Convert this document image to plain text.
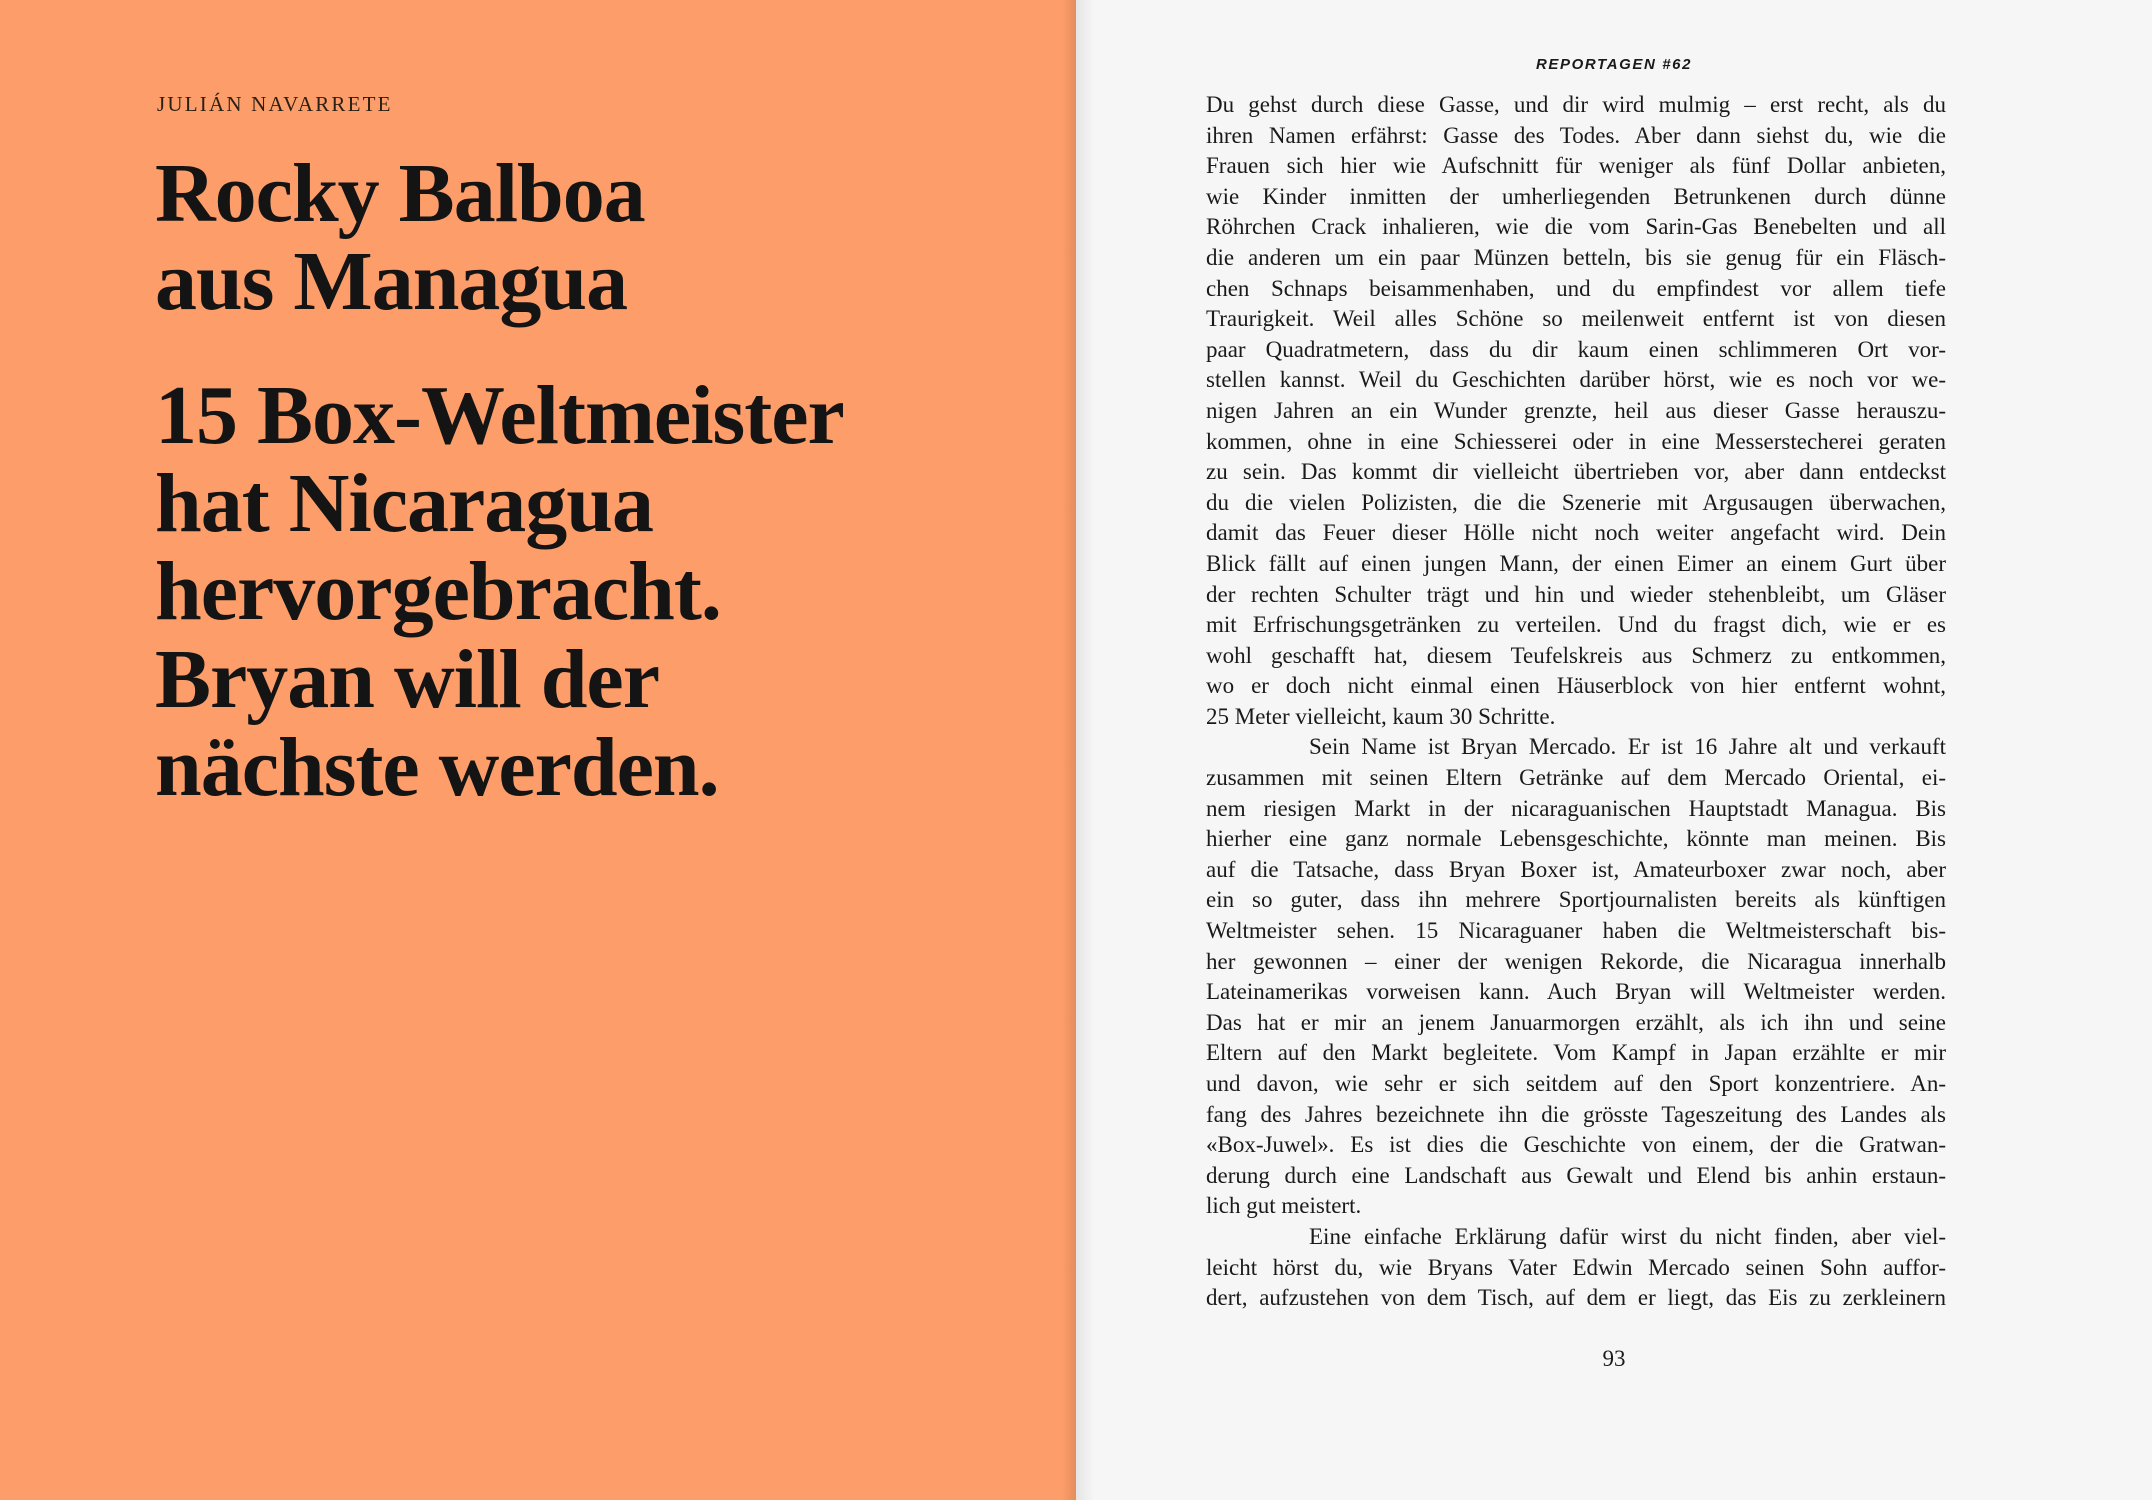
JULIÁN NAVARRETE
Rocky Balboa
aus Managua
15 Box-Weltmeister
hat Nicaragua
hervorgebracht.
Bryan will der
nächste werden.
REPORTAGEN #62
Du gehst durch diese Gasse, und dir wird mulmig – erst recht, als du
ihren Namen erfährst: Gasse des Todes. Aber dann siehst du, wie die
Frauen sich hier wie Aufschnitt für weniger als fünf Dollar anbieten,
wie Kinder inmitten der umherliegenden Betrunkenen durch dünne
Röhrchen Crack inhalieren, wie die vom Sarin-Gas Benebelten und all
die anderen um ein paar Münzen betteln, bis sie genug für ein Fläsch-
chen Schnaps beisammenhaben, und du empfindest vor allem tiefe
Traurigkeit. Weil alles Schöne so meilenweit entfernt ist von diesen
paar Quadratmetern, dass du dir kaum einen schlimmeren Ort vor-
stellen kannst. Weil du Geschichten darüber hörst, wie es noch vor we-
nigen Jahren an ein Wunder grenzte, heil aus dieser Gasse herauszu-
kommen, ohne in eine Schiesserei oder in eine Messerstecherei geraten
zu sein. Das kommt dir vielleicht übertrieben vor, aber dann entdeckst
du die vielen Polizisten, die die Szenerie mit Argusaugen überwachen,
damit das Feuer dieser Hölle nicht noch weiter angefacht wird. Dein
Blick fällt auf einen jungen Mann, der einen Eimer an einem Gurt über
der rechten Schulter trägt und hin und wieder stehenbleibt, um Gläser
mit Erfrischungsgetränken zu verteilen. Und du fragst dich, wie er es
wohl geschafft hat, diesem Teufelskreis aus Schmerz zu entkommen,
wo er doch nicht einmal einen Häuserblock von hier entfernt wohnt,
25 Meter vielleicht, kaum 30 Schritte.
Sein Name ist Bryan Mercado. Er ist 16 Jahre alt und verkauft
zusammen mit seinen Eltern Getränke auf dem Mercado Oriental, ei-
nem riesigen Markt in der nicaraguanischen Hauptstadt Managua. Bis
hierher eine ganz normale Lebensgeschichte, könnte man meinen. Bis
auf die Tatsache, dass Bryan Boxer ist, Amateurboxer zwar noch, aber
ein so guter, dass ihn mehrere Sportjournalisten bereits als künftigen
Weltmeister sehen. 15 Nicaraguaner haben die Weltmeisterschaft bis-
her gewonnen – einer der wenigen Rekorde, die Nicaragua innerhalb
Lateinamerikas vorweisen kann. Auch Bryan will Weltmeister werden.
Das hat er mir an jenem Januarmorgen erzählt, als ich ihn und seine
Eltern auf den Markt begleitete. Vom Kampf in Japan erzählte er mir
und davon, wie sehr er sich seitdem auf den Sport konzentriere. An-
fang des Jahres bezeichnete ihn die grösste Tageszeitung des Landes als
«Box-Juwel». Es ist dies die Geschichte von einem, der die Gratwan-
derung durch eine Landschaft aus Gewalt und Elend bis anhin erstaun-
lich gut meistert.
Eine einfache Erklärung dafür wirst du nicht finden, aber viel-
leicht hörst du, wie Bryans Vater Edwin Mercado seinen Sohn auffor-
dert, aufzustehen von dem Tisch, auf dem er liegt, das Eis zu zerkleinern
93
